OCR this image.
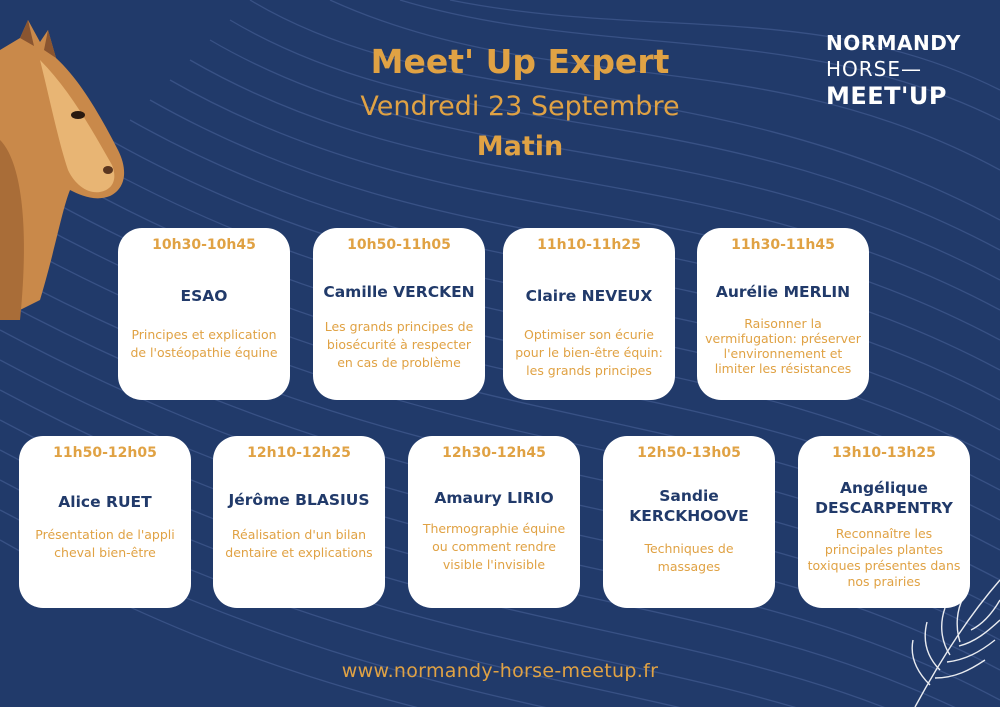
Meet' Up Expert
Vendredi 23 Septembre
Matin
NORMANDY
HORSE—
MEET'UP
10h30-10h45
ESAO
Principes et explication de l'ostéopathie équine
10h50-11h05
Camille VERCKEN
Les grands principes de biosécurité à respecter en cas de problème
11h10-11h25
Claire NEVEUX
Optimiser son écurie pour le bien-être équin: les grands principes
11h30-11h45
Aurélie MERLIN
Raisonner la vermifugation: préserver l'environnement et limiter les résistances
11h50-12h05
Alice RUET
Présentation de l'appli cheval bien-être
12h10-12h25
Jérôme BLASIUS
Réalisation d'un bilan dentaire et explications
12h30-12h45
Amaury LIRIO
Thermographie équine ou comment rendre visible l'invisible
12h50-13h05
Sandie KERCKHOOVE
Techniques de massages
13h10-13h25
Angélique DESCARPENTRY
Reconnaître les principales plantes toxiques présentes dans nos prairies
www.normandy-horse-meetup.fr
